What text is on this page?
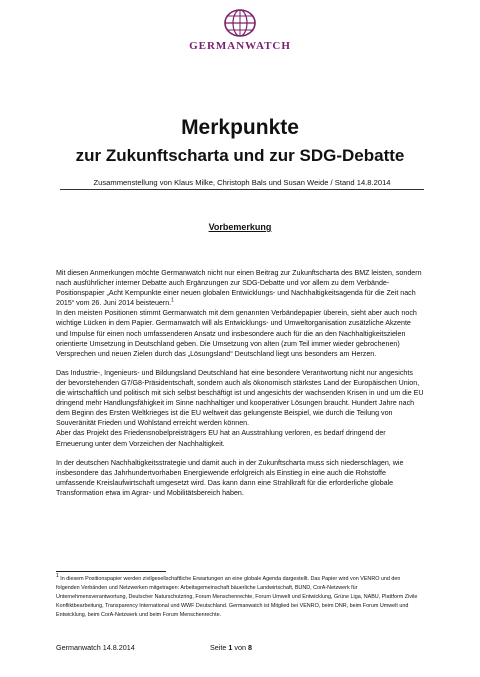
GERMANWATCH
Merkpunkte
zur Zukunftscharta und zur SDG-Debatte
Zusammenstellung von Klaus Milke, Christoph Bals und Susan Weide / Stand 14.8.2014
Vorbemerkung

Mit diesen Anmerkungen möchte Germanwatch nicht nur einen Beitrag zur Zukunftscharta des BMZ leisten, sondern nach ausführlicher interner Debatte auch Ergänzungen zur SDG-Debatte und vor allem zu dem Verbände-Positionspapier „Acht Kernpunkte einer neuen globalen Entwicklungs- und Nachhaltigkeitsagenda für die Zeit nach 2015“ vom 26. Juni 2014 beisteuern.$^1$
In den meisten Positionen stimmt Germanwatch mit dem genannten Verbändepapier überein, sieht aber auch noch wichtige Lücken in dem Papier. Germanwatch will als Entwicklungs- und Umweltorganisation zusätzliche Akzente und Impulse für einen noch umfassenderen Ansatz und insbesondere auch für die an den Nachhaltigkeitszielen orientierte Umsetzung in Deutschland geben. Die Umsetzung von alten (zum Teil immer wieder gebrochenen) Versprechen und neuen Zielen durch das „Lösungsland“ Deutschland liegt uns besonders am Herzen.

Das Industrie-, Ingenieurs- und Bildungsland Deutschland hat eine besondere Verantwortung nicht nur angesichts der bevorstehenden G7/G8-Präsidentschaft, sondern auch als ökonomisch stärkstes Land der Europäischen Union, die wirtschaftlich und politisch mit sich selbst beschäftigt ist und angesichts der wachsenden Krisen in und um die EU dringend mehr Handlungsfähigkeit im Sinne nachhaltiger und kooperativer Lösungen braucht. Hundert Jahre nach dem Beginn des Ersten Weltkrieges ist die EU weltweit das gelungenste Beispiel, wie durch die Teilung von Souveränität Frieden und Wohlstand erreicht werden können.
Aber das Projekt des Friedensnobelpreisträgers EU hat an Ausstrahlung verloren, es bedarf dringend der Erneuerung unter dem Vorzeichen der Nachhaltigkeit.

In der deutschen Nachhaltigkeitsstrategie und damit auch in der Zukunftscharta muss sich niederschlagen, wie insbesondere das Jahrhundertvorhaben Energiewende erfolgreich als Einstieg in eine auch die Rohstoffe umfassende Kreislaufwirtschaft umgesetzt wird. Das kann dann eine Strahlkraft für die erforderliche globale Transformation etwa im Agrar- und Mobilitätsbereich haben.

$^1$ In diesem Positionspapier werden zivilgesellschaftliche Erwartungen an eine globale Agenda dargestellt. Das Papier wird von VENRO und den folgenden Verbänden und Netzwerken mitgetragen: Arbeitsgemeinschaft bäuerliche Landwirtschaft, BUND, CorA-Netzwerk für Unternehmensverantwortung, Deutscher Naturschutzring, Forum Menschenrechte, Forum Umwelt und Entwicklung, Grüne Liga, NABU, Plattform Zivile Konfliktbearbeitung, Transparency International und WWF Deutschland. Germanwatch ist Mitglied bei VENRO, beim DNR, beim Forum Umwelt und Entwicklung, beim CorA-Netzwerk und beim Forum Menschenrechte.
Germanwatch 14.8.2014	Seite 1 von 8
